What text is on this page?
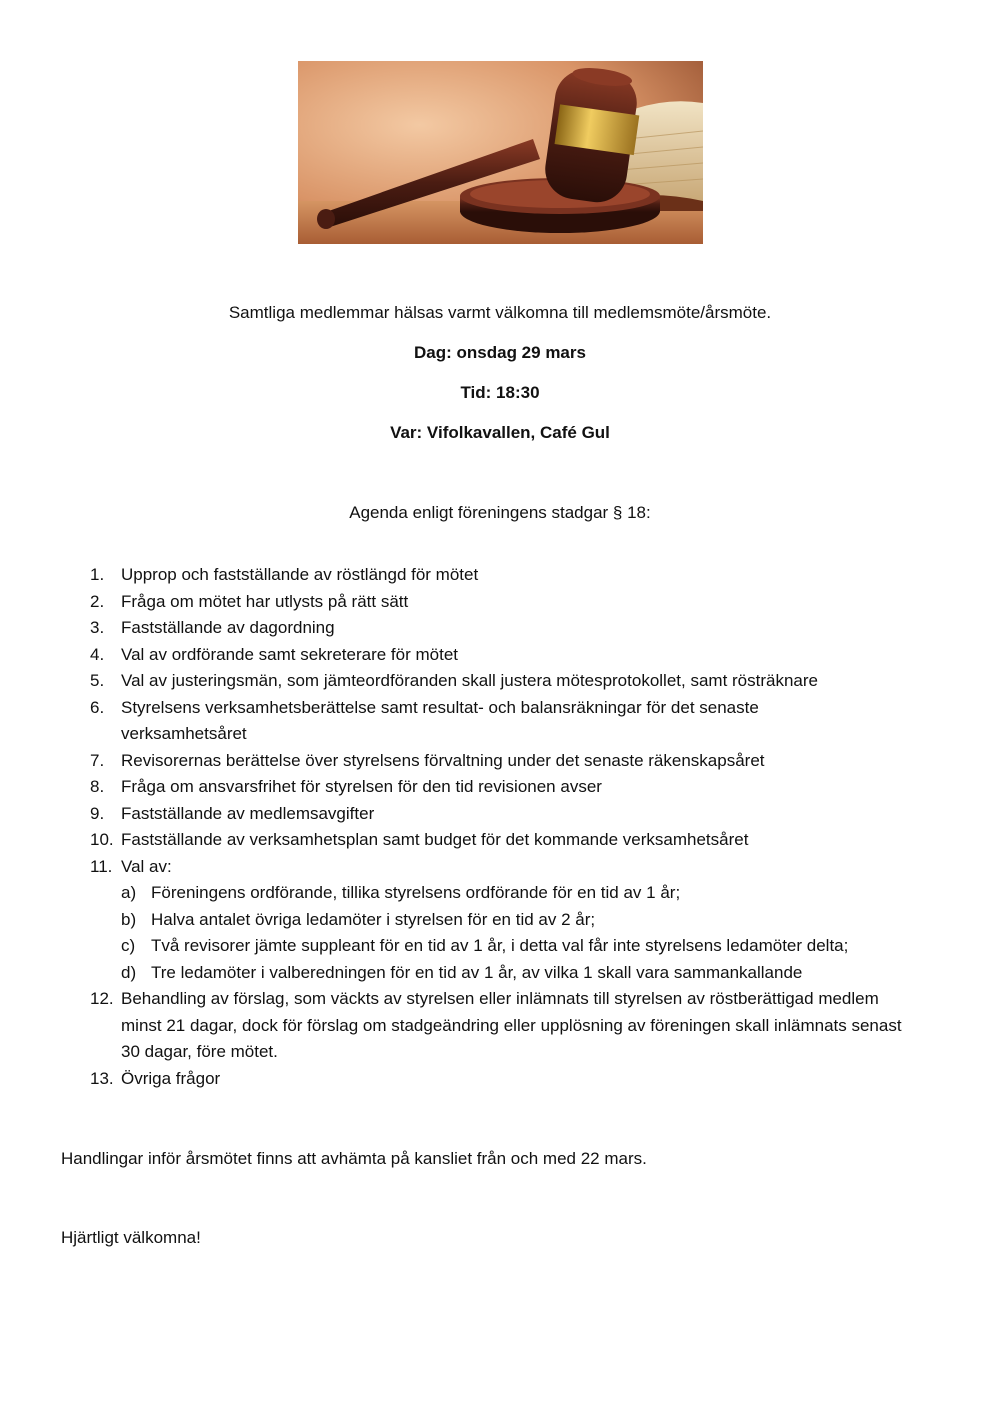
Samtliga medlemmar hälsas varmt välkomna till medlemsmöte/årsmöte.
Dag: onsdag 29 mars
Tid: 18:30
Var: Vifolkavallen, Café Gul
Agenda enligt föreningens stadgar § 18:
1. Upprop och fastställande av röstlängd för mötet
2. Fråga om mötet har utlysts på rätt sätt
3. Fastställande av dagordning
4. Val av ordförande samt sekreterare för mötet
5. Val av justeringsmän, som jämteordföranden skall justera mötesprotokollet, samt rösträknare
6. Styrelsens verksamhetsberättelse samt resultat- och balansräkningar för det senaste verksamhetsåret
7. Revisorernas berättelse över styrelsens förvaltning under det senaste räkenskapsåret
8. Fråga om ansvarsfrihet för styrelsen för den tid revisionen avser
9. Fastställande av medlemsavgifter
10. Fastställande av verksamhetsplan samt budget för det kommande verksamhetsåret
11. Val av:
a) Föreningens ordförande, tillika styrelsens ordförande för en tid av 1 år;
b) Halva antalet övriga ledamöter i styrelsen för en tid av 2 år;
c) Två revisorer jämte suppleant för en tid av 1 år, i detta val får inte styrelsens ledamöter delta;
d) Tre ledamöter i valberedningen för en tid av 1 år, av vilka 1 skall vara sammankallande
12. Behandling av förslag, som väckts av styrelsen eller inlämnats till styrelsen av röstberättigad medlem minst 21 dagar, dock för förslag om stadgeändring eller upplösning av föreningen skall inlämnats senast 30 dagar, före mötet.
13. Övriga frågor
Handlingar inför årsmötet finns att avhämta på kansliet från och med 22 mars.
Hjärtligt välkomna!
